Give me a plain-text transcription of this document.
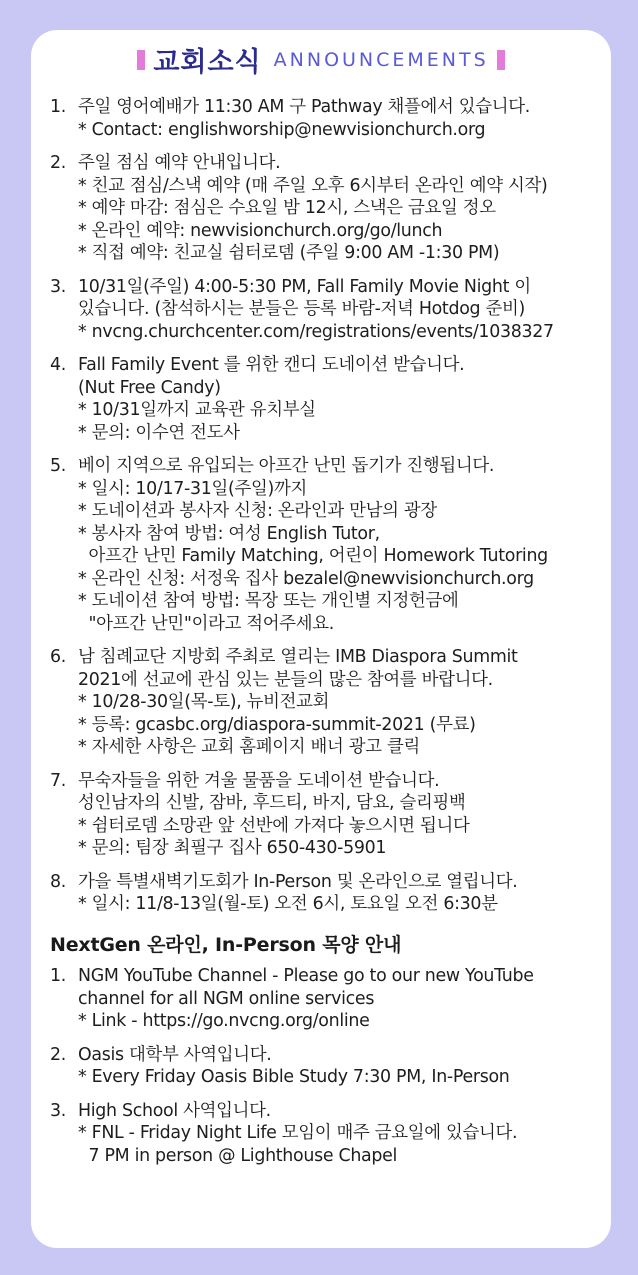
교회소식 ANNOUNCEMENTS
1. 주일 영어예배가 11:30 AM 구 Pathway 채플에서 있습니다.
* Contact: englishworship@newvisionchurch.org
2. 주일 점심 예약 안내입니다.
* 친교 점심/스낵 예약 (매 주일 오후 6시부터 온라인 예약 시작)
* 예약 마감: 점심은 수요일 밤 12시, 스낵은 금요일 정오
* 온라인 예약: newvisionchurch.org/go/lunch
* 직접 예약: 친교실 쉼터로뎀 (주일 9:00 AM -1:30 PM)
3. 10/31일(주일) 4:00-5:30 PM, Fall Family Movie Night 이
있습니다. (참석하시는 분들은 등록 바람-저녁 Hotdog 준비)
* nvcng.churchcenter.com/registrations/events/1038327
4. Fall Family Event 를 위한 캔디 도네이션 받습니다.
(Nut Free Candy)
* 10/31일까지 교육관 유치부실
* 문의: 이수연 전도사
5. 베이 지역으로 유입되는 아프간 난민 돕기가 진행됩니다.
* 일시: 10/17-31일(주일)까지
* 도네이션과 봉사자 신청: 온라인과 만남의 광장
* 봉사자 참여 방법: 여성 English Tutor,
아프간 난민 Family Matching, 어린이 Homework Tutoring
* 온라인 신청: 서정욱 집사 bezalel@newvisionchurch.org
* 도네이션 참여 방법: 목장 또는 개인별 지정헌금에
"아프간 난민"이라고 적어주세요.
6. 남 침례교단 지방회 주최로 열리는 IMB Diaspora Summit
2021에 선교에 관심 있는 분들의 많은 참여를 바랍니다.
* 10/28-30일(목-토), 뉴비전교회
* 등록: gcasbc.org/diaspora-summit-2021 (무료)
* 자세한 사항은 교회 홈페이지 배너 광고 클릭
7. 무숙자들을 위한 겨울 물품을 도네이션 받습니다.
성인남자의 신발, 잠바, 후드티, 바지, 담요, 슬리핑백
* 쉼터로뎀 소망관 앞 선반에 가져다 놓으시면 됩니다
* 문의: 팀장 최필구 집사 650-430-5901
8. 가을 특별새벽기도회가 In-Person 및 온라인으로 열립니다.
* 일시: 11/8-13일(월-토) 오전 6시, 토요일 오전 6:30분
NextGen 온라인, In-Person 목양 안내
1. NGM YouTube Channel - Please go to our new YouTube
channel for all NGM online services
* Link - https://go.nvcng.org/online
2. Oasis 대학부 사역입니다.
* Every Friday Oasis Bible Study 7:30 PM, In-Person
3. High School 사역입니다.
* FNL - Friday Night Life 모임이 매주 금요일에 있습니다.
7 PM in person @ Lighthouse Chapel
